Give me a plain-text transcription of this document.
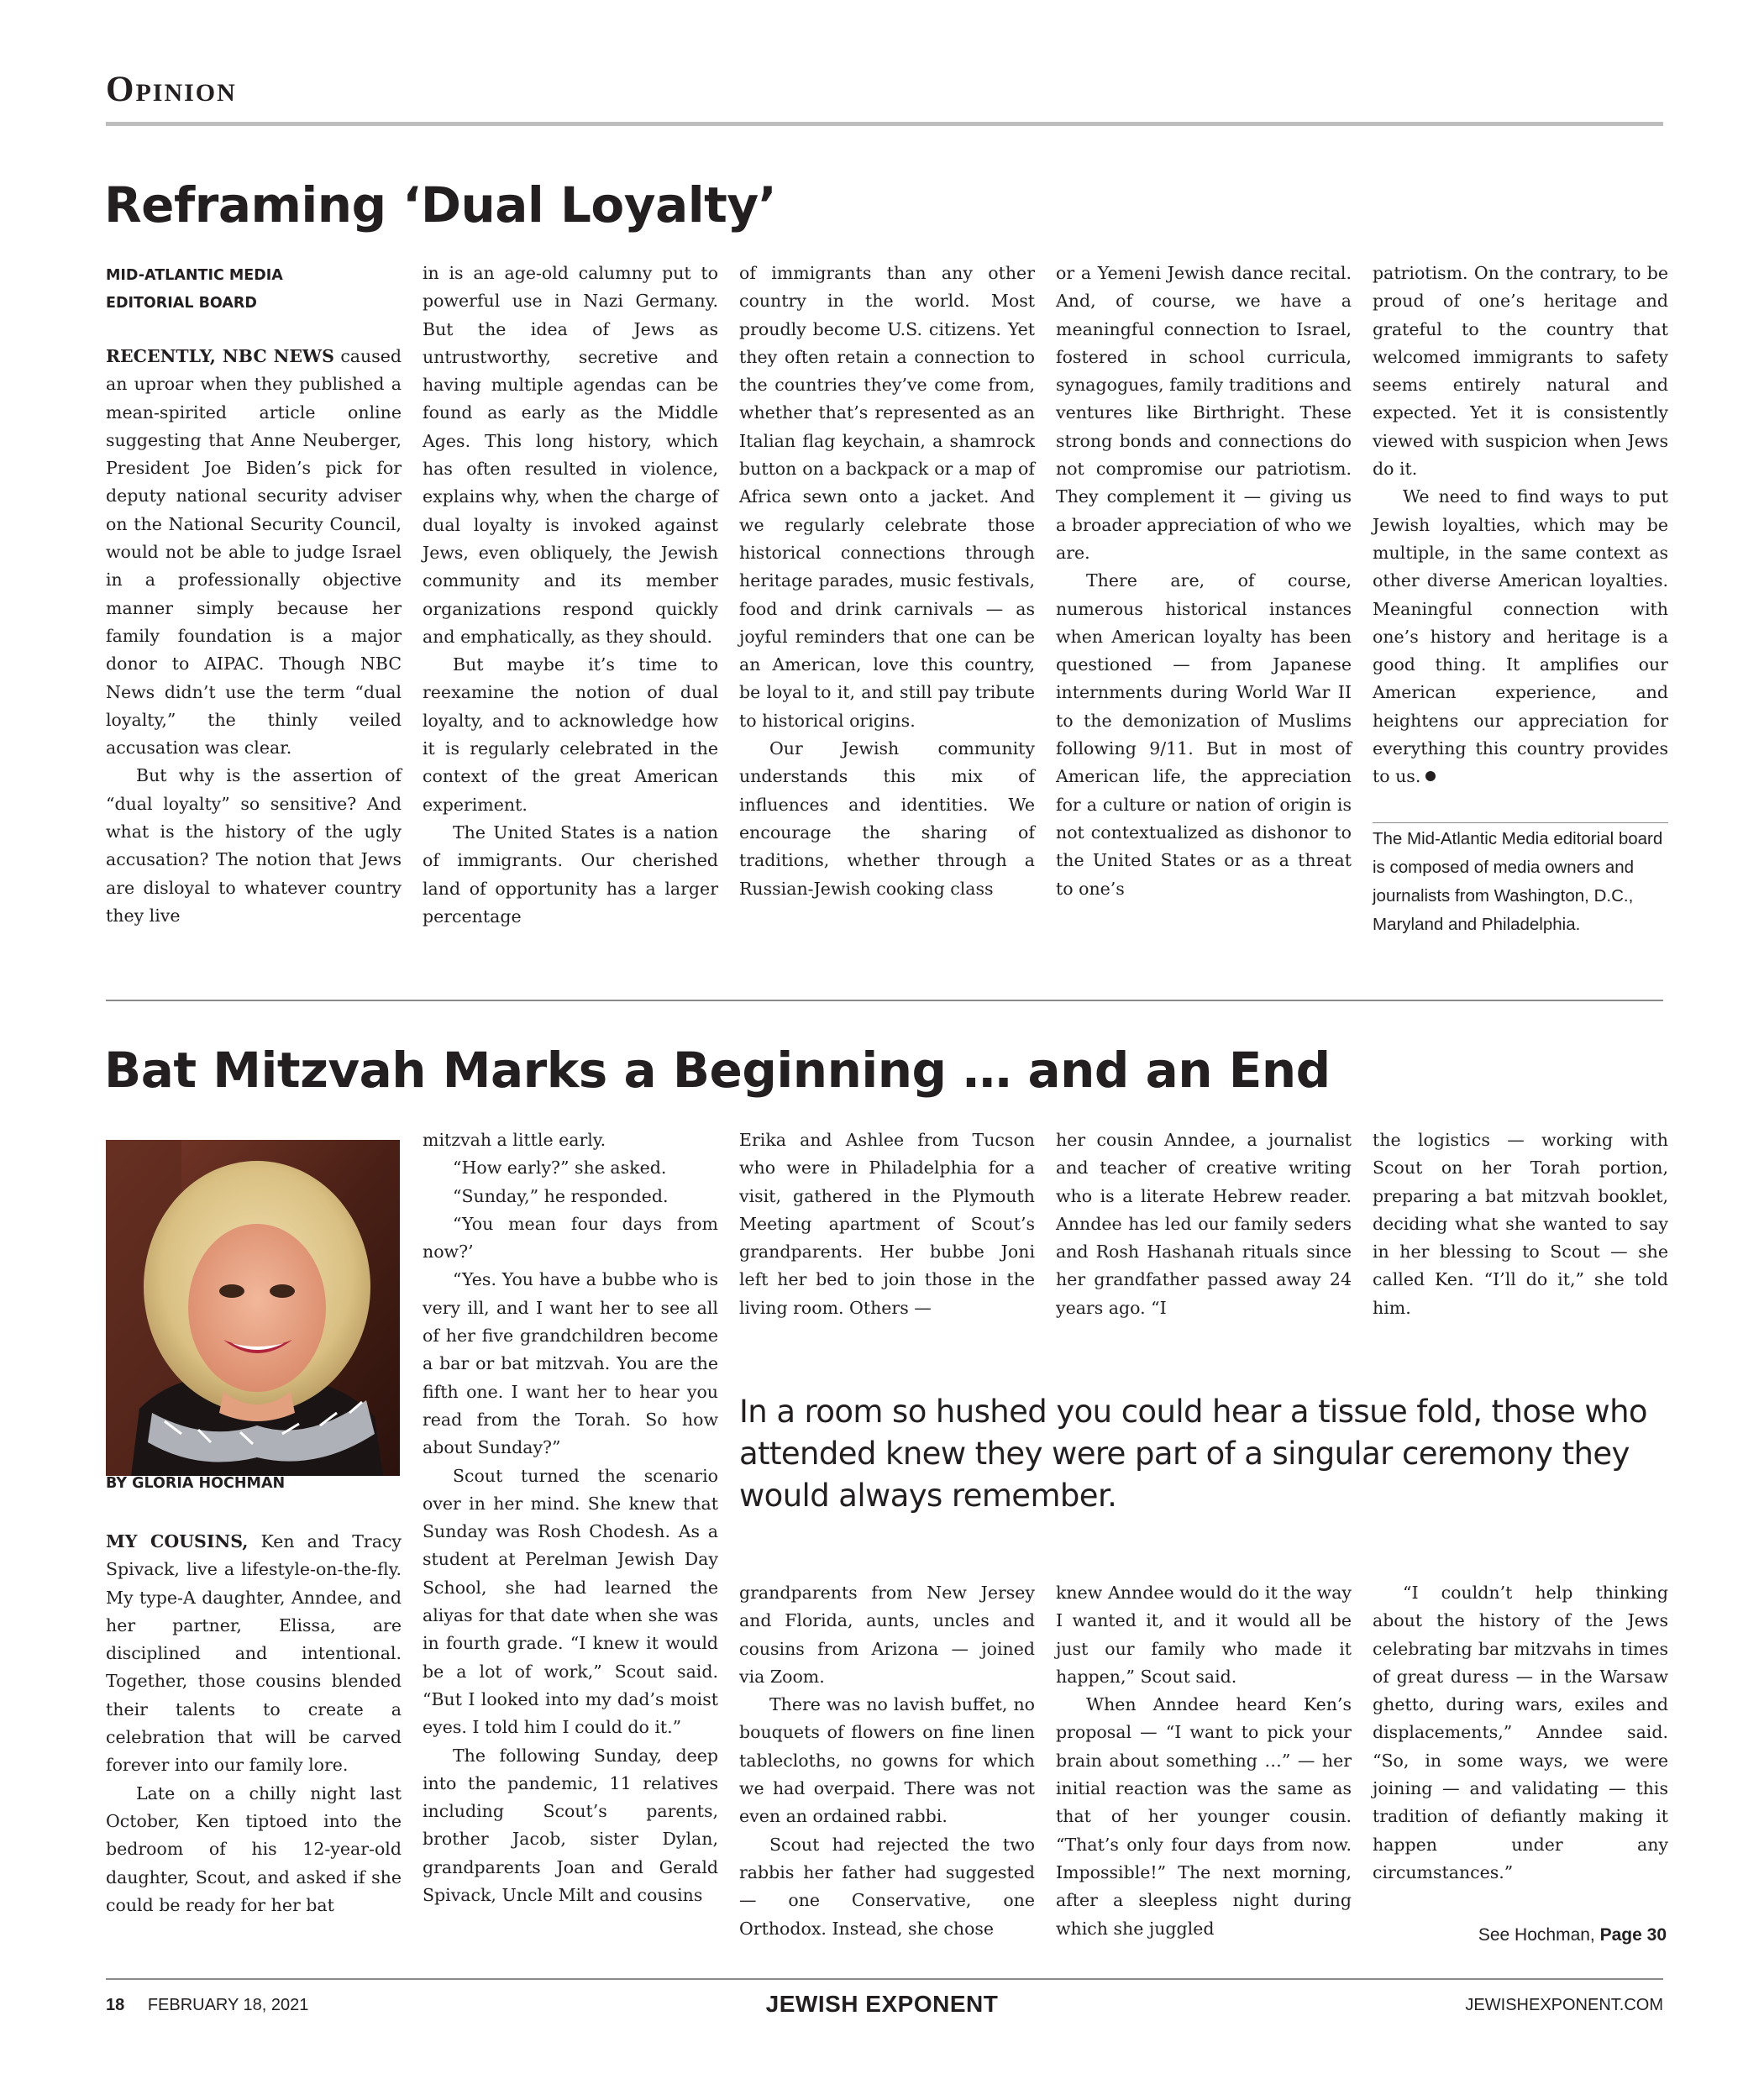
Opinion
Reframing ‘Dual Loyalty’
MID-ATLANTIC MEDIA
EDITORIAL BOARD

RECENTLY, NBC NEWS caused an uproar when they published a mean-spirited article online suggesting that Anne Neuberger, President Joe Biden’s pick for deputy national security adviser on the National Security Council, would not be able to judge Israel in a professionally objective manner simply because her family foundation is a major donor to AIPAC. Though NBC News didn’t use the term “dual loyalty,” the thinly veiled accusation was clear.

But why is the assertion of “dual loyalty” so sensitive? And what is the history of the ugly accusation? The notion that Jews are disloyal to whatever country they live

in is an age-old calumny put to powerful use in Nazi Germany. But the idea of Jews as untrustworthy, secretive and having multiple agendas can be found as early as the Middle Ages. This long history, which has often resulted in violence, explains why, when the charge of dual loyalty is invoked against Jews, even obliquely, the Jewish community and its member organizations respond quickly and emphatically, as they should.

But maybe it’s time to reexamine the notion of dual loyalty, and to acknowledge how it is regularly celebrated in the context of the great American experiment.

The United States is a nation of immigrants. Our cherished land of opportunity has a larger percentage

of immigrants than any other country in the world. Most proudly become U.S. citizens. Yet they often retain a connection to the countries they’ve come from, whether that’s represented as an Italian flag keychain, a shamrock button on a backpack or a map of Africa sewn onto a jacket. And we regularly celebrate those historical connections through heritage parades, music festivals, food and drink carnivals — as joyful reminders that one can be an American, love this country, be loyal to it, and still pay tribute to historical origins.

Our Jewish community understands this mix of influences and identities. We encourage the sharing of traditions, whether through a Russian-Jewish cooking class

or a Yemeni Jewish dance recital. And, of course, we have a meaningful connection to Israel, fostered in school curricula, synagogues, family traditions and ventures like Birthright. These strong bonds and connections do not compromise our patriotism. They complement it — giving us a broader appreciation of who we are.

There are, of course, numerous historical instances when American loyalty has been questioned — from Japanese internments during World War II to the demonization of Muslims following 9/11. But in most of American life, the appreciation for a culture or nation of origin is not contextualized as dishonor to the United States or as a threat to one’s

patriotism. On the contrary, to be proud of one’s heritage and grateful to the country that welcomed immigrants to safety seems entirely natural and expected. Yet it is consistently viewed with suspicion when Jews do it.

We need to find ways to put Jewish loyalties, which may be multiple, in the same context as other diverse American loyalties. Meaningful connection with one’s history and heritage is a good thing. It amplifies our American experience, and heightens our appreciation for everything this country provides to us.

The Mid-Atlantic Media editorial board is composed of media owners and journalists from Washington, D.C., Maryland and Philadelphia.
Bat Mitzvah Marks a Beginning … and an End
BY GLORIA HOCHMAN

MY COUSINS, Ken and Tracy Spivack, live a lifestyle-on-the-fly. My type-A daughter, Anndee, and her partner, Elissa, are disciplined and intentional. Together, those cousins blended their talents to create a celebration that will be carved forever into our family lore.

Late on a chilly night last October, Ken tiptoed into the bedroom of his 12-year-old daughter, Scout, and asked if she could be ready for her bat

mitzvah a little early.

“How early?” she asked.

“Sunday,” he responded.

“You mean four days from now?’

“Yes. You have a bubbe who is very ill, and I want her to see all of her five grandchildren become a bar or bat mitzvah. You are the fifth one. I want her to hear you read from the Torah. So how about Sunday?”

Scout turned the scenario over in her mind. She knew that Sunday was Rosh Chodesh. As a student at Perelman Jewish Day School, she had learned the aliyas for that date when she was in fourth grade. “I knew it would be a lot of work,” Scout said. “But I looked into my dad’s moist eyes. I told him I could do it.”

The following Sunday, deep into the pandemic, 11 relatives including Scout’s parents, brother Jacob, sister Dylan, grandparents Joan and Gerald Spivack, Uncle Milt and cousins

Erika and Ashlee from Tucson who were in Philadelphia for a visit, gathered in the Plymouth Meeting apartment of Scout’s grandparents. Her bubbe Joni left her bed to join those in the living room. Others —

her cousin Anndee, a journalist and teacher of creative writing who is a literate Hebrew reader. Anndee has led our family seders and Rosh Hashanah rituals since her grandfather passed away 24 years ago. “I

the logistics — working with Scout on her Torah portion, preparing a bat mitzvah booklet, deciding what she wanted to say in her blessing to Scout — she called Ken. “I’ll do it,” she told him.

In a room so hushed you could hear a tissue fold, those who attended knew they were part of a singular ceremony they would always remember.

grandparents from New Jersey and Florida, aunts, uncles and cousins from Arizona — joined via Zoom.

There was no lavish buffet, no bouquets of flowers on fine linen tablecloths, no gowns for which we had overpaid. There was not even an ordained rabbi.

Scout had rejected the two rabbis her father had suggested — one Conservative, one Orthodox. Instead, she chose

knew Anndee would do it the way I wanted it, and it would all be just our family who made it happen,” Scout said.

When Anndee heard Ken’s proposal — “I want to pick your brain about something …” — her initial reaction was the same as that of her younger cousin. “That’s only four days from now. Impossible!” The next morning, after a sleepless night during which she juggled

“I couldn’t help thinking about the history of the Jews celebrating bar mitzvahs in times of great duress — in the Warsaw ghetto, during wars, exiles and displacements,” Anndee said. “So, in some ways, we were joining — and validating — this tradition of defiantly making it happen under any circumstances.”

See Hochman, Page 30
18 FEBRUARY 18, 2021	JEWISH EXPONENT	JEWISHEXPONENT.COM
